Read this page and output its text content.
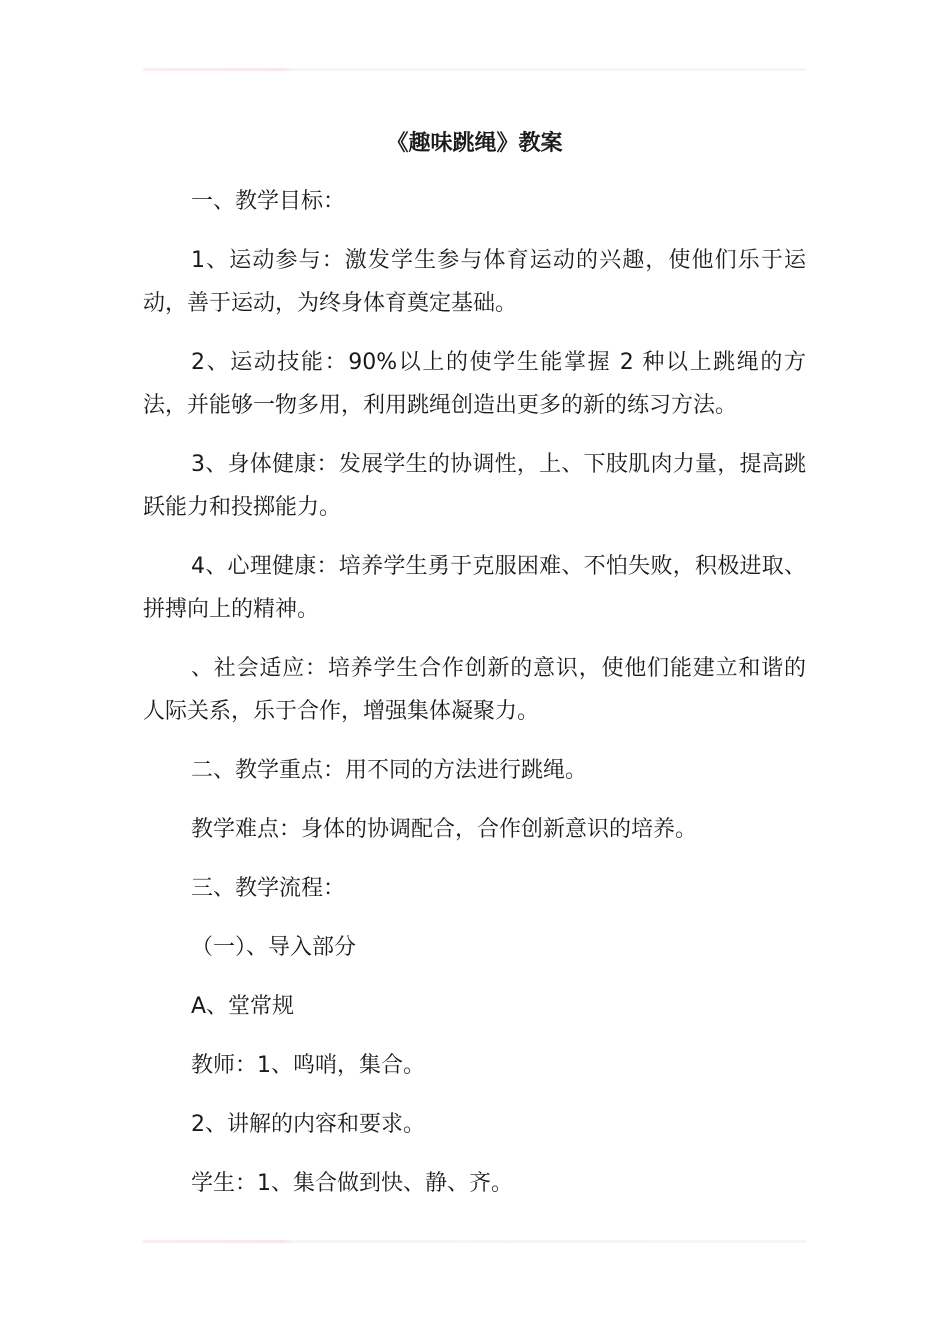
《趣味跳绳》教案
一、教学目标：
1、运动参与：激发学生参与体育运动的兴趣，使他们乐于运动，善于运动，为终身体育奠定基础。
2、运动技能：90%以上的使学生能掌握 2 种以上跳绳的方法，并能够一物多用，利用跳绳创造出更多的新的练习方法。
3、身体健康：发展学生的协调性，上、下肢肌肉力量，提高跳跃能力和投掷能力。
4、心理健康：培养学生勇于克服困难、不怕失败，积极进取、拼搏向上的精神。
、社会适应：培养学生合作创新的意识，使他们能建立和谐的人际关系，乐于合作，增强集体凝聚力。
二、教学重点：用不同的方法进行跳绳。
教学难点：身体的协调配合，合作创新意识的培养。
三、教学流程：
（一）、导入部分
A、堂常规
教师：1、鸣哨，集合。
2、讲解的内容和要求。
学生：1、集合做到快、静、齐。
